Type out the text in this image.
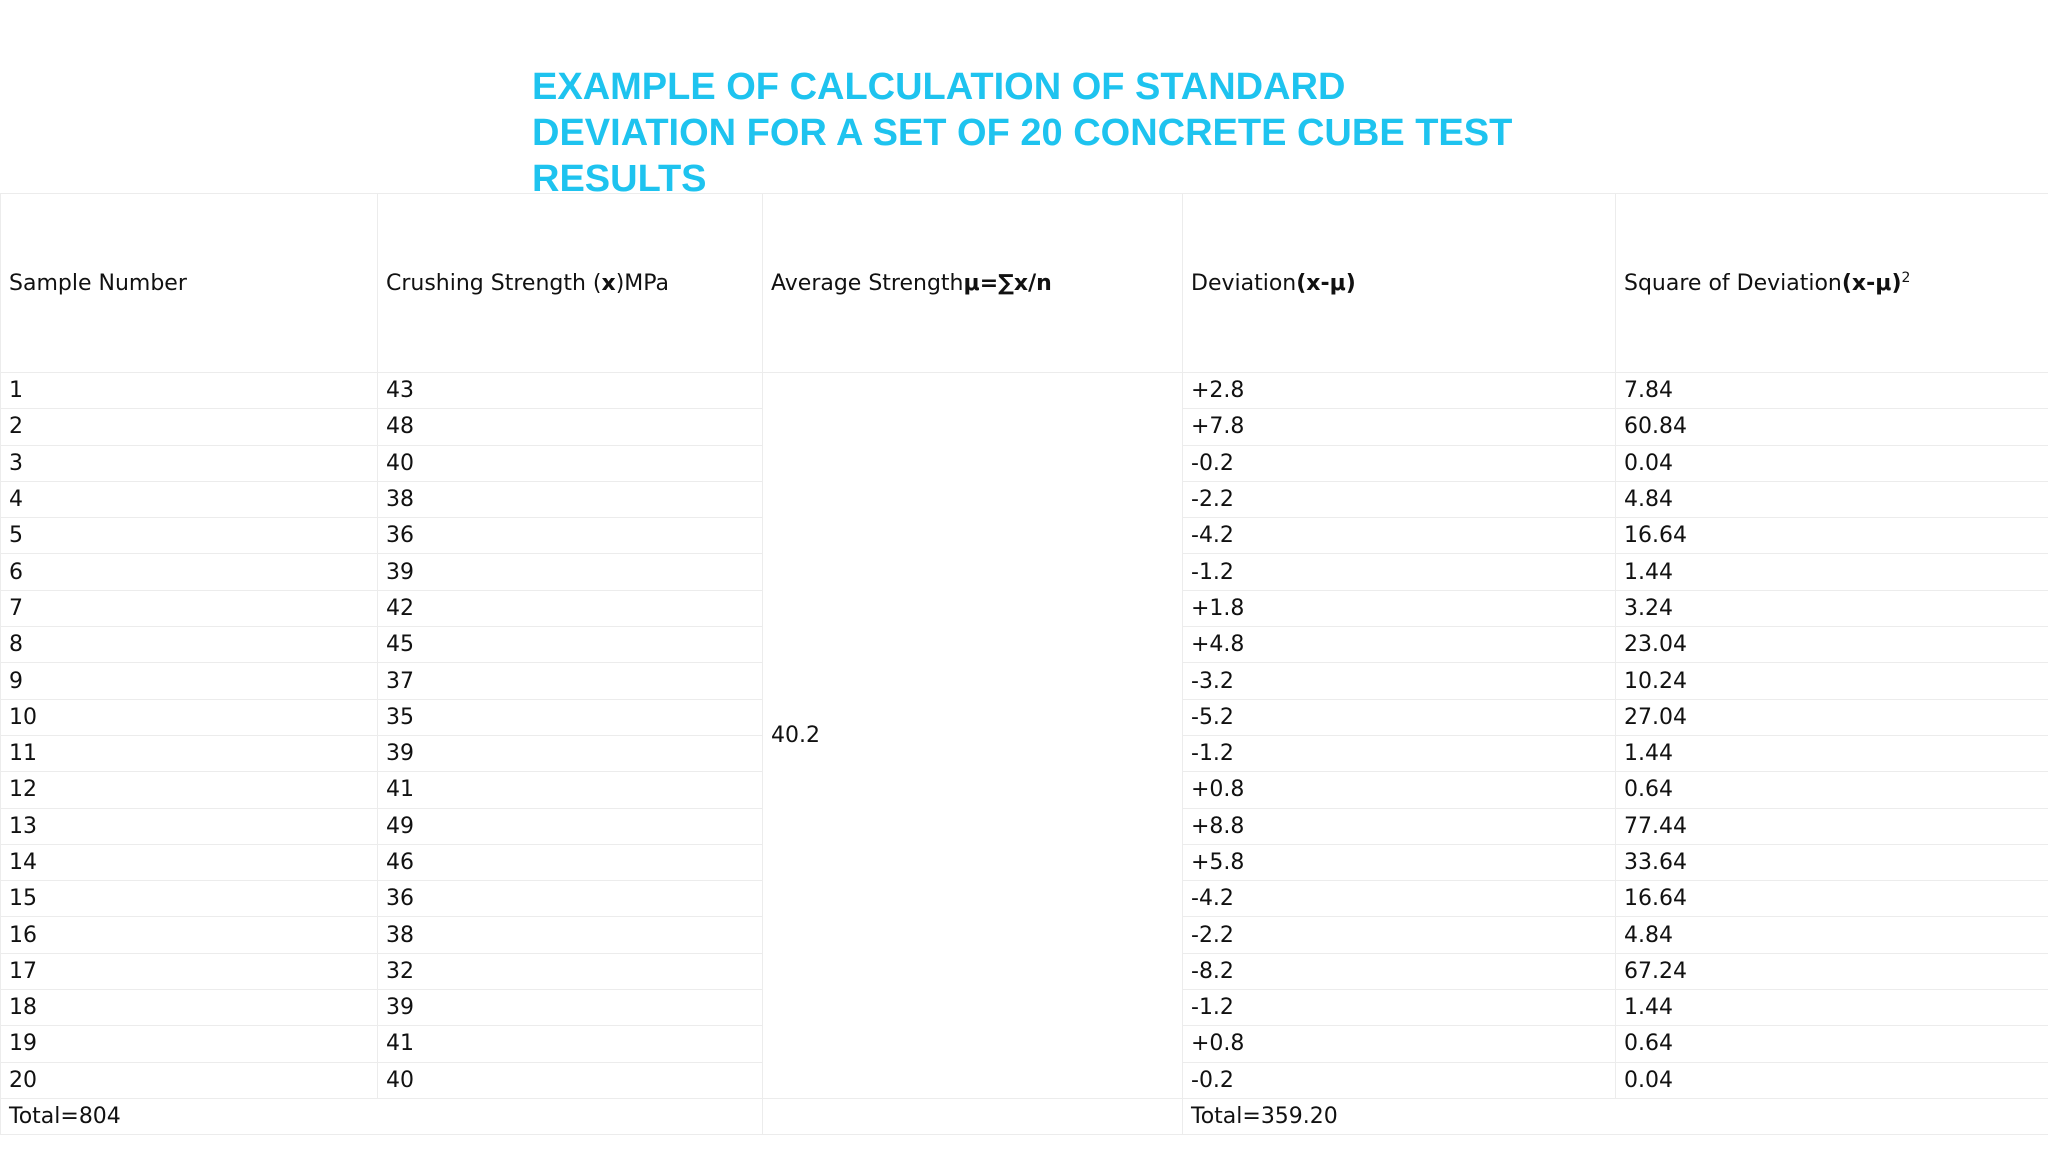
EXAMPLE OF CALCULATION OF STANDARD
DEVIATION FOR A SET OF 20 CONCRETE CUBE TEST
RESULTS
Sample Number	Crushing Strength (x)MPa	Average Strengthμ=∑x/n	Deviation(x-μ)	Square of $Deviation(x-\mu)^2$
1	43	40.2	+2.8	7.84
2	48		+7.8	60.84
3	40		-0.2	0.04
4	38		-2.2	4.84
5	36		-4.2	16.64
6	39		-1.2	1.44
7	42		+1.8	3.24
8	45		+4.8	23.04
9	37		-3.2	10.24
10	35		-5.2	27.04
11	39		-1.2	1.44
12	41		+0.8	0.64
13	49		+8.8	77.44
14	46		+5.8	33.64
15	36		-4.2	16.64
16	38		-2.2	4.84
17	32		-8.2	67.24
18	39		-1.2	1.44
19	41		+0.8	0.64
20	40		-0.2	0.04
Total=804			Total=359.20	
